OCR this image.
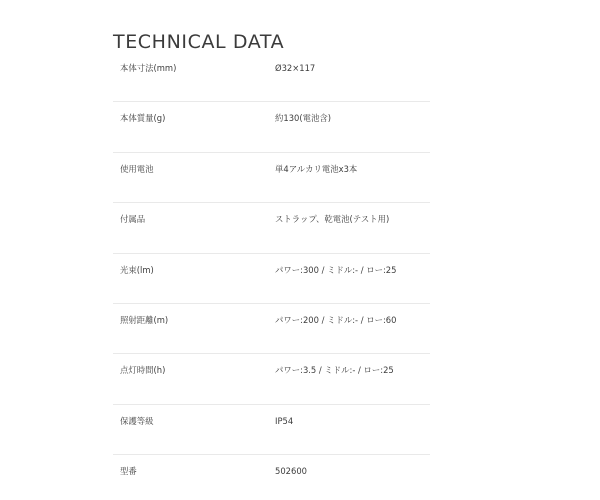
TECHNICAL DATA
本体寸法(mm)	Ø32×117
本体質量(g)	約130(電池含)
使用電池	単4アルカリ電池x3本
付属品	ストラップ、乾電池(テスト用)
光束(lm)	パワー:300 / ミドル:- / ロー:25
照射距離(m)	パワー:200 / ミドル:- / ロー:60
点灯時間(h)	パワー:3.5 / ミドル:- / ロー:25
保護等級	IP54
型番	502600
